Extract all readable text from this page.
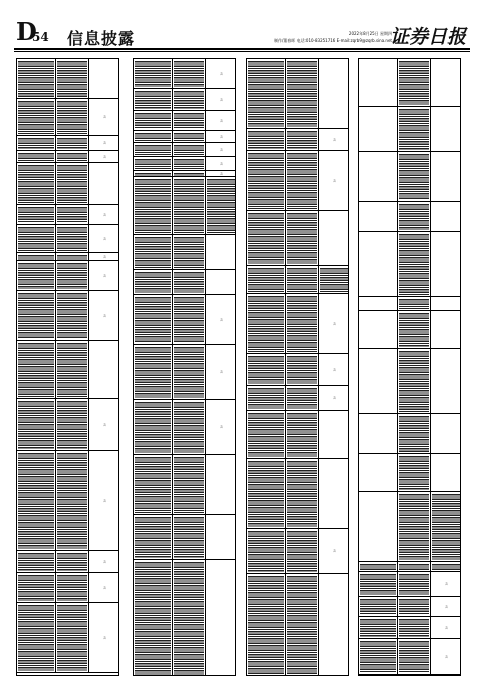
D
54 信息披露	2022年8月25日 星期四
制作/董春晖 电话:010-83251716 E-mail:zqrb9@zqrb.sina.net
证券日报
否
否
否
否
否
否
否
否
否
否
否
否
否
否
否
否
否
否
否
否
否
否
否
否
否
否
否
否
否
否
否
否
否
